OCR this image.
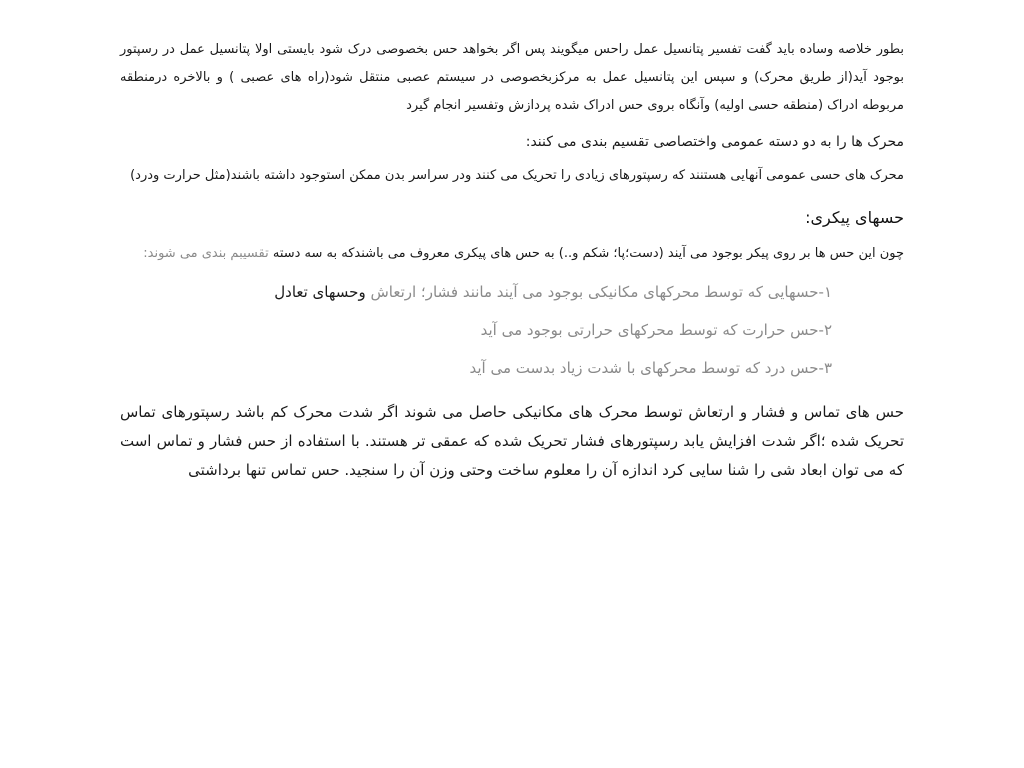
بطور خلاصه وساده باید گفت تفسیر پتانسیل عمل راحس میگویند پس اگر بخواهد حس بخصوصی درک شود بایستی اولا پتانسیل عمل در رسپتور بوجود آید(از طریق محرک) و سپس این پتانسیل عمل به مرکزبخصوصی در سیستم عصبی منتقل شود(راه های عصبی ) و بالاخره درمنطقه مربوطه ادراک (منطقه حسی اولیه) وآنگاه بروی حس ادراک شده پردازش وتفسیر انجام گیرد

محرک ها را به دو دسته عمومی واختصاصی تقسیم بندی می کنند:

محرک های حسی عمومی آنهایی هستنند که رسپتورهای زیادی را تحریک می کنند ودر سراسر بدن ممکن استوجود داشته باشند(مثل حرارت ودرد)

حسهای پیکری:

چون این حس ها بر روی پیکر بوجود می آیند (دست؛پا؛ شکم و..) به حس های پیکری معروف می باشندکه به سه دسته تقسیبم بندی می شوند:

۱-حسهایی که توسط محرکهای مکانیکی بوجود می آیند مانند فشار؛ ارتعاش وحسهای تعادل
۲-حس حرارت که توسط محرکهای حرارتی بوجود می آید
۳-حس درد که توسط محرکهای با شدت زیاد بدست می آید

حس های تماس و فشار و ارتعاش توسط محرک های مکانیکی حاصل می شوند اگر شدت محرک کم باشد رسپتورهای تماس تحریک شده ؛اگر شدت افزایش یابد رسپتورهای فشار تحریک شده که عمقی تر هستند. با استفاده از حس فشار و تماس است که می توان ابعاد شی را شنا سایی کرد اندازه آن را معلوم ساخت وحتی وزن آن را سنجید. حس تماس تنها برداشتی
